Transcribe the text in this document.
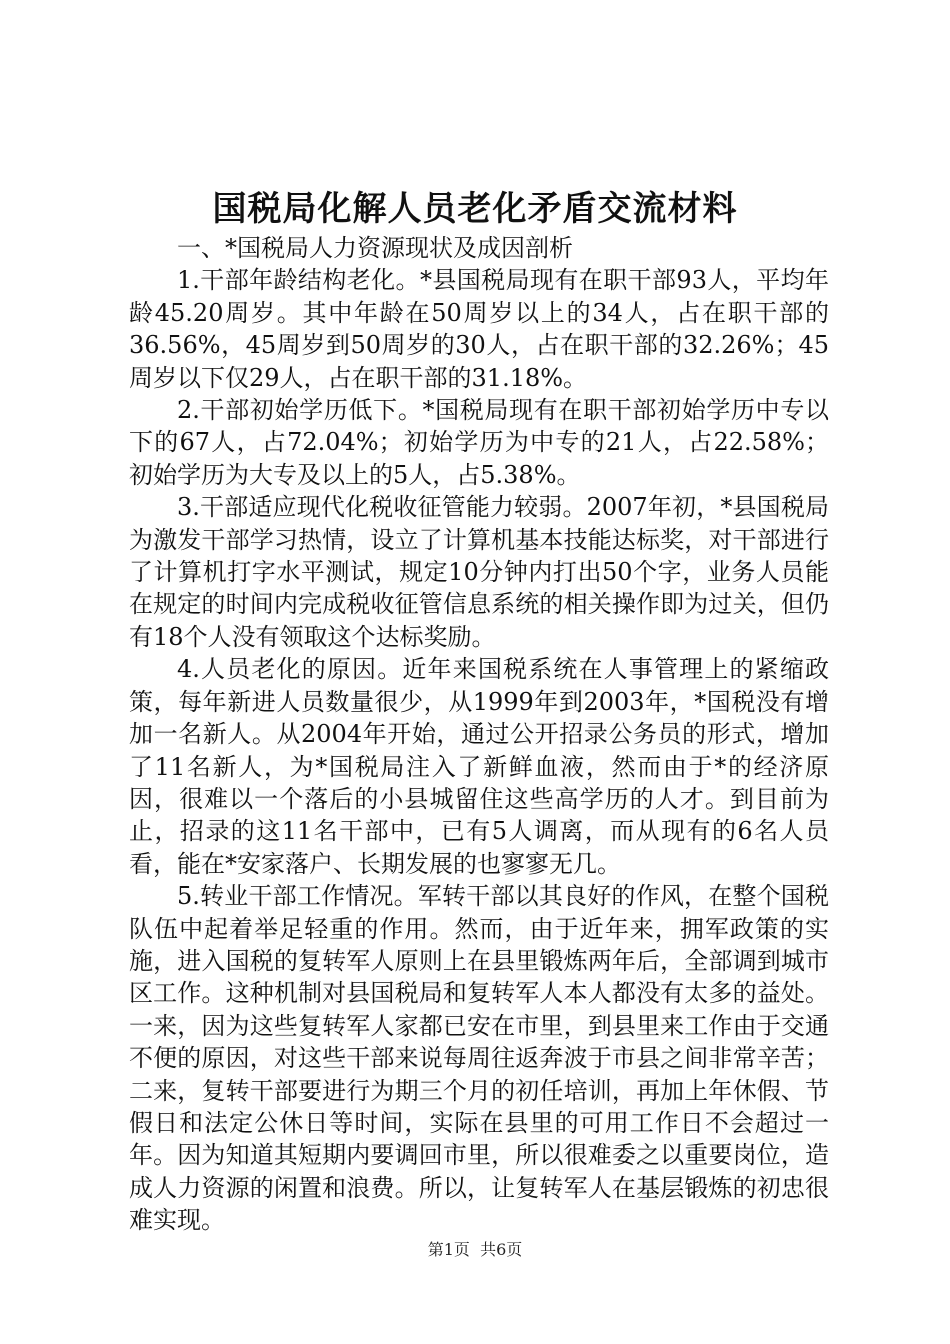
国税局化解人员老化矛盾交流材料

一、*国税局人力资源现状及成因剖析

1.干部年龄结构老化。*县国税局现有在职干部93人，平均年龄45.20周岁。其中年龄在50周岁以上的34人，占在职干部的36.56%，45周岁到50周岁的30人，占在职干部的32.26%；45周岁以下仅29人，占在职干部的31.18%。

2.干部初始学历低下。*国税局现有在职干部初始学历中专以下的67人，占72.04%；初始学历为中专的21人，占22.58%；初始学历为大专及以上的5人，占5.38%。

3.干部适应现代化税收征管能力较弱。2007年初，*县国税局为激发干部学习热情，设立了计算机基本技能达标奖，对干部进行了计算机打字水平测试，规定10分钟内打出50个字，业务人员能在规定的时间内完成税收征管信息系统的相关操作即为过关，但仍有18个人没有领取这个达标奖励。

4.人员老化的原因。近年来国税系统在人事管理上的紧缩政策，每年新进人员数量很少，从1999年到2003年，*国税没有增加一名新人。从2004年开始，通过公开招录公务员的形式，增加了11名新人，为*国税局注入了新鲜血液，然而由于*的经济原因，很难以一个落后的小县城留住这些高学历的人才。到目前为止，招录的这11名干部中，已有5人调离，而从现有的6名人员看，能在*安家落户、长期发展的也寥寥无几。

5.转业干部工作情况。军转干部以其良好的作风，在整个国税队伍中起着举足轻重的作用。然而，由于近年来，拥军政策的实施，进入国税的复转军人原则上在县里锻炼两年后，全部调到城市区工作。这种机制对县国税局和复转军人本人都没有太多的益处。一来，因为这些复转军人家都已安在市里，到县里来工作由于交通不便的原因，对这些干部来说每周往返奔波于市县之间非常辛苦；二来，复转干部要进行为期三个月的初任培训，再加上年休假、节假日和法定公休日等时间，实际在县里的可用工作日不会超过一年。因为知道其短期内要调回市里，所以很难委之以重要岗位，造成人力资源的闲置和浪费。所以，让复转军人在基层锻炼的初忠很难实现。

第1页 共6页
